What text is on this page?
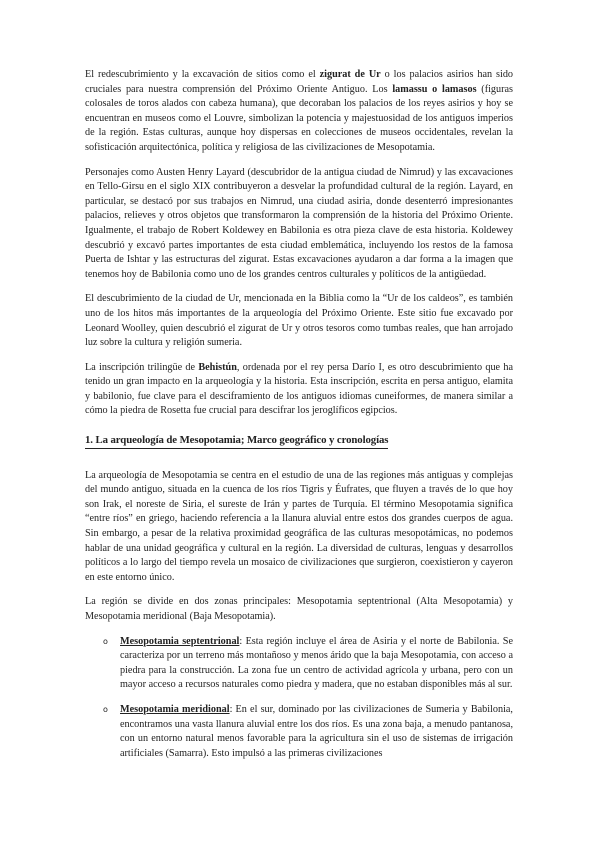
El redescubrimiento y la excavación de sitios como el zigurat de Ur o los palacios asirios han sido cruciales para nuestra comprensión del Próximo Oriente Antiguo. Los lamassu o lamasos (figuras colosales de toros alados con cabeza humana), que decoraban los palacios de los reyes asirios y hoy se encuentran en museos como el Louvre, simbolizan la potencia y majestuosidad de los antiguos imperios de la región. Estas culturas, aunque hoy dispersas en colecciones de museos occidentales, revelan la sofisticación arquitectónica, política y religiosa de las civilizaciones de Mesopotamia.

Personajes como Austen Henry Layard (descubridor de la antigua ciudad de Nimrud) y las excavaciones en Tello-Girsu en el siglo XIX contribuyeron a desvelar la profundidad cultural de la región. Layard, en particular, se destacó por sus trabajos en Nimrud, una ciudad asiria, donde desenterró impresionantes palacios, relieves y otros objetos que transformaron la comprensión de la historia del Próximo Oriente. Igualmente, el trabajo de Robert Koldewey en Babilonia es otra pieza clave de esta historia. Koldewey descubrió y excavó partes importantes de esta ciudad emblemática, incluyendo los restos de la famosa Puerta de Ishtar y las estructuras del zigurat. Estas excavaciones ayudaron a dar forma a la imagen que tenemos hoy de Babilonia como uno de los grandes centros culturales y políticos de la antigüedad.

El descubrimiento de la ciudad de Ur, mencionada en la Biblia como la “Ur de los caldeos”, es también uno de los hitos más importantes de la arqueología del Próximo Oriente. Este sitio fue excavado por Leonard Woolley, quien descubrió el zigurat de Ur y otros tesoros como tumbas reales, que han arrojado luz sobre la cultura y religión sumeria.

La inscripción trilingüe de Behistún, ordenada por el rey persa Darío I, es otro descubrimiento que ha tenido un gran impacto en la arqueología y la historia. Esta inscripción, escrita en persa antiguo, elamita y babilonio, fue clave para el desciframiento de los antiguos idiomas cuneiformes, de manera similar a cómo la piedra de Rosetta fue crucial para descifrar los jeroglíficos egipcios.

1. La arqueología de Mesopotamia; Marco geográfico y cronologías

La arqueología de Mesopotamia se centra en el estudio de una de las regiones más antiguas y complejas del mundo antiguo, situada en la cuenca de los ríos Tigris y Éufrates, que fluyen a través de lo que hoy son Irak, el noreste de Siria, el sureste de Irán y partes de Turquía. El término Mesopotamia significa “entre ríos” en griego, haciendo referencia a la llanura aluvial entre estos dos grandes cuerpos de agua. Sin embargo, a pesar de la relativa proximidad geográfica de las culturas mesopotámicas, no podemos hablar de una unidad geográfica y cultural en la región. La diversidad de culturas, lenguas y desarrollos políticos a lo largo del tiempo revela un mosaico de civilizaciones que surgieron, coexistieron y cayeron en este entorno único.

La región se divide en dos zonas principales: Mesopotamia septentrional (Alta Mesopotamia) y Mesopotamia meridional (Baja Mesopotamia).

o Mesopotamia septentrional: Esta región incluye el área de Asiria y el norte de Babilonia. Se caracteriza por un terreno más montañoso y menos árido que la baja Mesopotamia, con acceso a piedra para la construcción. La zona fue un centro de actividad agrícola y urbana, pero con un mayor acceso a recursos naturales como piedra y madera, que no estaban disponibles más al sur.
o Mesopotamia meridional: En el sur, dominado por las civilizaciones de Sumeria y Babilonia, encontramos una vasta llanura aluvial entre los dos ríos. Es una zona baja, a menudo pantanosa, con un entorno natural menos favorable para la agricultura sin el uso de sistemas de irrigación artificiales (Samarra). Esto impulsó a las primeras civilizaciones
